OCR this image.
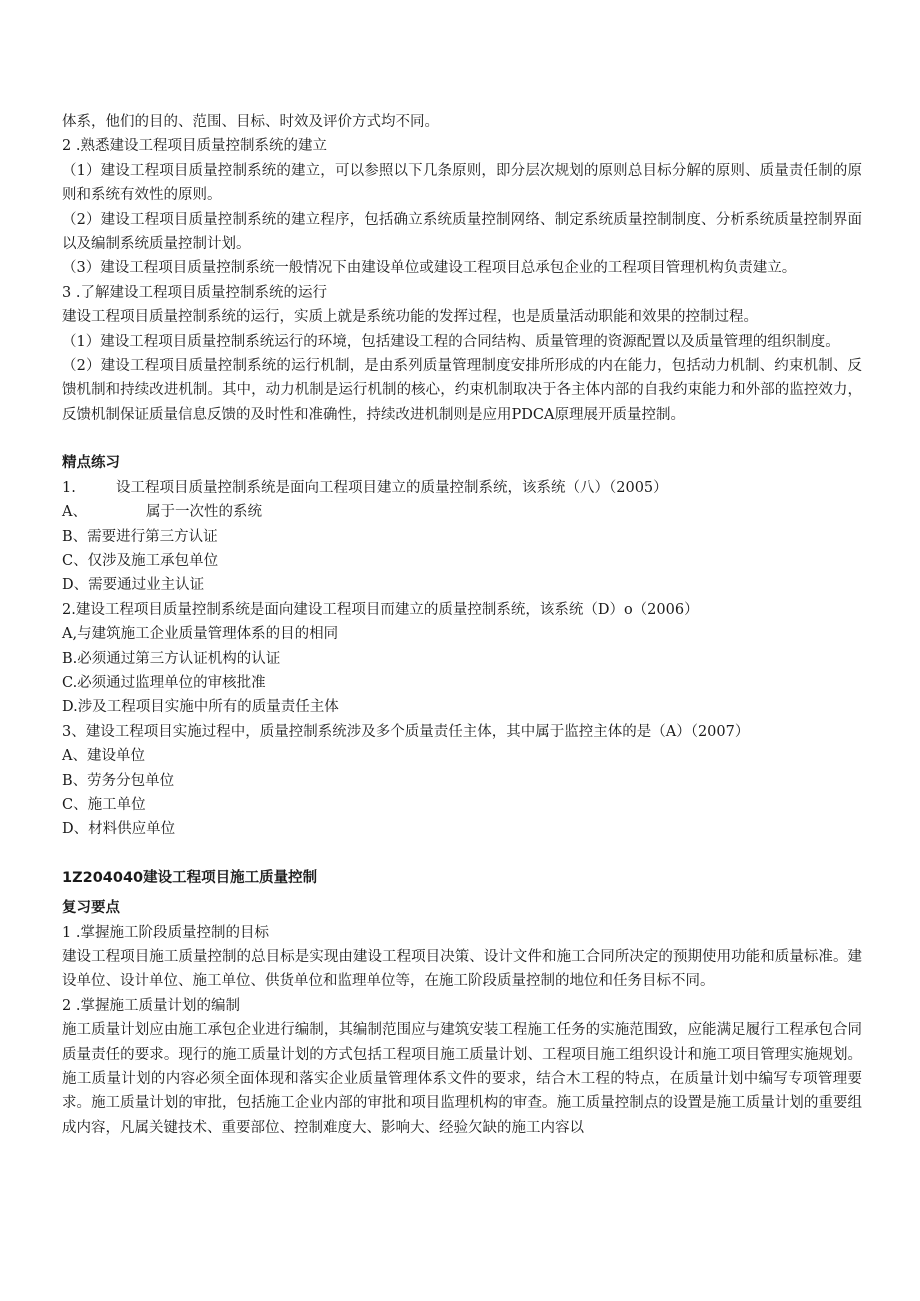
体系，他们的目的、范围、目标、时效及评价方式均不同。

2 .熟悉建设工程项目质量控制系统的建立

（1）建设工程项目质量控制系统的建立，可以参照以下几条原则，即分层次规划的原则总目标分解的原则、质量责任制的原则和系统有效性的原则。

（2）建设工程项目质量控制系统的建立程序，包括确立系统质量控制网络、制定系统质量控制制度、分析系统质量控制界面以及编制系统质量控制计划。

（3）建设工程项目质量控制系统一般情况下由建设单位或建设工程项目总承包企业的工程项目管理机构负责建立。

3 .了解建设工程项目质量控制系统的运行

建设工程项目质量控制系统的运行，实质上就是系统功能的发挥过程，也是质量活动职能和效果的控制过程。

（1）建设工程项目质量控制系统运行的环境，包括建设工程的合同结构、质量管理的资源配置以及质量管理的组织制度。

（2）建设工程项目质量控制系统的运行机制，是由系列质量管理制度安排所形成的内在能力，包括动力机制、约束机制、反馈机制和持续改进机制。其中，动力机制是运行机制的核心，约束机制取决于各主体内部的自我约束能力和外部的监控效力，反馈机制保证质量信息反馈的及时性和准确性，持续改进机制则是应用PDCA原理展开质量控制。

精点练习

1.	设工程项目质量控制系统是面向工程项目建立的质量控制系统，该系统（八）（2005）

A、	属于一次性的系统

B、需要进行第三方认证

C、仅涉及施工承包单位

D、需要通过业主认证

2.建设工程项目质量控制系统是面向建设工程项目而建立的质量控制系统，该系统（D）o（2006）

A,与建筑施工企业质量管理体系的目的相同

B.必须通过第三方认证机构的认证

C.必须通过监理单位的审核批准

D.涉及工程项目实施中所有的质量责任主体

3、建设工程项目实施过程中，质量控制系统涉及多个质量责任主体，其中属于监控主体的是（A）（2007）

A、建设单位

B、劳务分包单位

C、施工单位

D、材料供应单位

1Z204040建设工程项目施工质量控制

复习要点

1 .掌握施工阶段质量控制的目标

建设工程项目施工质量控制的总目标是实现由建设工程项目决策、设计文件和施工合同所决定的预期使用功能和质量标准。建设单位、设计单位、施工单位、供货单位和监理单位等，在施工阶段质量控制的地位和任务目标不同。

2 .掌握施工质量计划的编制

施工质量计划应由施工承包企业进行编制，其编制范围应与建筑安装工程施工任务的实施范围致，应能满足履行工程承包合同质量责任的要求。现行的施工质量计划的方式包括工程项目施工质量计划、工程项目施工组织设计和施工项目管理实施规划。施工质量计划的内容必须全面体现和落实企业质量管理体系文件的要求，结合木工程的特点，在质量计划中编写专项管理要求。施工质量计划的审批，包括施工企业内部的审批和项目监理机构的审查。施工质量控制点的设置是施工质量计划的重要组成内容，凡属关键技术、重要部位、控制难度大、影响大、经验欠缺的施工内容以
